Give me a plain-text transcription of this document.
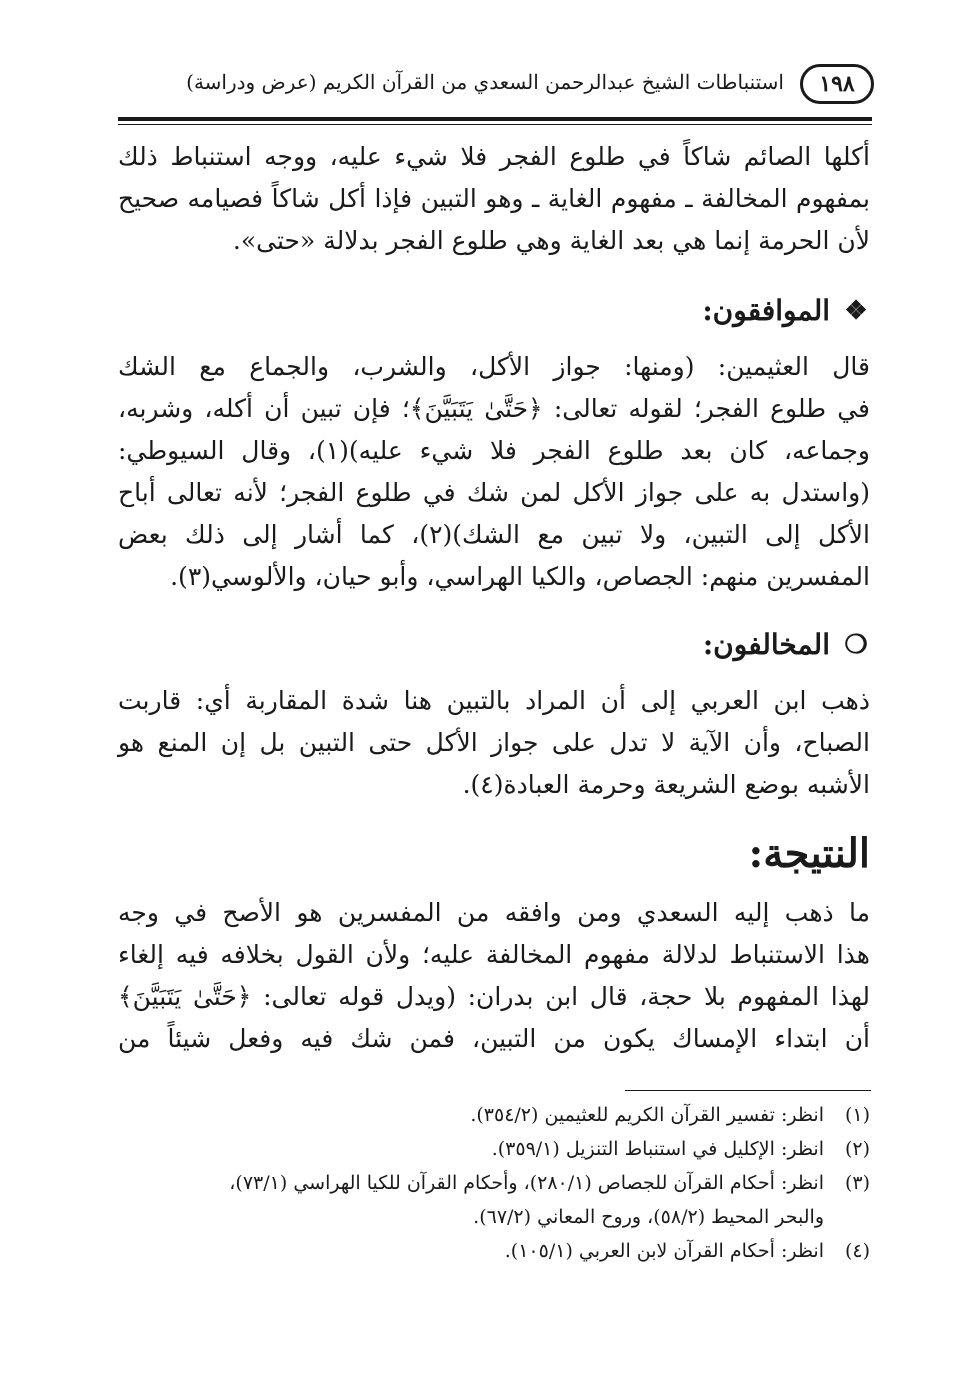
١٩٨
استنباطات الشيخ عبدالرحمن السعدي من القرآن الكريم (عرض ودراسة)
أكلها الصائم شاكاً في طلوع الفجر فلا شيء عليه، ووجه استنباط ذلك
بمفهوم المخالفة ـ مفهوم الغاية ـ وهو التبين فإذا أكل شاكاً فصيامه صحيح
لأن الحرمة إنما هي بعد الغاية وهي طلوع الفجر بدلالة «حتى».
❖
الموافقون:
قال العثيمين: (ومنها: جواز الأكل، والشرب، والجماع مع الشك
في طلوع الفجر؛ لقوله تعالى: ﴿حَتَّىٰ يَتَبَيَّنَ﴾؛ فإن تبين أن أكله، وشربه،
وجماعه، كان بعد طلوع الفجر فلا شيء عليه)(١)، وقال السيوطي:
(واستدل به على جواز الأكل لمن شك في طلوع الفجر؛ لأنه تعالى أباح
الأكل إلى التبين، ولا تبين مع الشك)(٢)، كما أشار إلى ذلك بعض
المفسرين منهم: الجصاص، والكيا الهراسي، وأبو حيان، والألوسي(٣).
❍
المخالفون:
ذهب ابن العربي إلى أن المراد بالتبين هنا شدة المقاربة أي: قاربت
الصباح، وأن الآية لا تدل على جواز الأكل حتى التبين بل إن المنع هو
الأشبه بوضع الشريعة وحرمة العبادة(٤).
النتيجة:
ما ذهب إليه السعدي ومن وافقه من المفسرين هو الأصح في وجه
هذا الاستنباط لدلالة مفهوم المخالفة عليه؛ ولأن القول بخلافه فيه إلغاء
لهذا المفهوم بلا حجة، قال ابن بدران: (ويدل قوله تعالى: ﴿حَتَّىٰ يَتَبَيَّنَ﴾
أن ابتداء الإمساك يكون من التبين، فمن شك فيه وفعل شيئاً من
(١)انظر: تفسير القرآن الكريم للعثيمين (٣٥٤/٢).
(٢)انظر: الإكليل في استنباط التنزيل (٣٥٩/١).
(٣)انظر: أحكام القرآن للجصاص (٢٨٠/١)، وأحكام القرآن للكيا الهراسي (٧٣/١)،
والبحر المحيط (٥٨/٢)، وروح المعاني (٦٧/٢).
(٤)انظر: أحكام القرآن لابن العربي (١٠٥/١).
